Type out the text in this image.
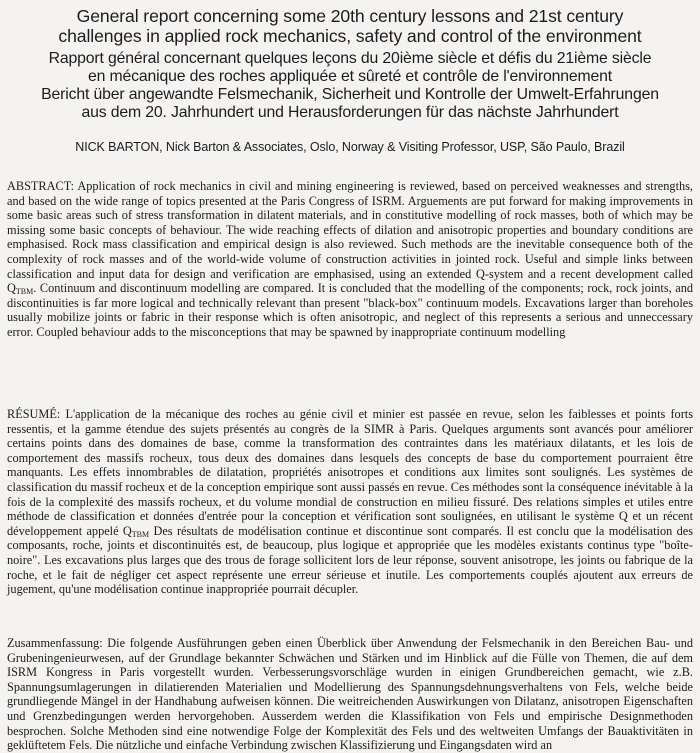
General report concerning some 20th century lessons and 21st century
challenges in applied rock mechanics, safety and control of the environment
Rapport général concernant quelques leçons du 20ième siècle et défis du 21ième siècle
en mécanique des roches appliquée et sûreté et contrôle de l'environnement
Bericht über angewandte Felsmechanik, Sicherheit und Kontrolle der Umwelt-Erfahrungen
aus dem 20. Jahrhundert und Herausforderungen für das nächste Jahrhundert
NICK BARTON, Nick Barton & Associates, Oslo, Norway & Visiting Professor, USP, São Paulo, Brazil

ABSTRACT: Application of rock mechanics in civil and mining engineering is reviewed, based on perceived weaknesses and strengths, and based on the wide range of topics presented at the Paris Congress of ISRM. Arguements are put forward for making improvements in some basic areas such of stress transformation in dilatent materials, and in constitutive modelling of rock masses, both of which may be missing some basic concepts of behaviour. The wide reaching effects of dilation and anisotropic properties and boundary conditions are emphasised. Rock mass classification and empirical design is also reviewed. Such methods are the inevitable consequence both of the complexity of rock masses and of the world-wide volume of construction activities in jointed rock. Useful and simple links between classification and input data for design and verification are emphasised, using an extended Q-system and a recent development called $Q_{TBM}$. Continuum and discontinuum modelling are compared. It is concluded that the modelling of the components; rock, rock joints, and discontinuities is far more logical and technically relevant than present "black-box" continuum models. Excavations larger than boreholes usually mobilize joints or fabric in their response which is often anisotropic, and neglect of this represents a serious and unneccessary error. Coupled behaviour adds to the misconceptions that may be spawned by inappropriate continuum modelling

RÉSUMÉ: L'application de la mécanique des roches au génie civil et minier est passée en revue, selon les faiblesses et points forts ressentis, et la gamme étendue des sujets présentés au congrès de la SIMR à Paris. Quelques arguments sont avancés pour améliorer certains points dans des domaines de base, comme la transformation des contraintes dans les matériaux dilatants, et les lois de comportement des massifs rocheux, tous deux des domaines dans lesquels des concepts de base du comportement pourraient être manquants. Les effets innombrables de dilatation, propriétés anisotropes et conditions aux limites sont soulignés. Les systèmes de classification du massif rocheux et de la conception empirique sont aussi passés en revue. Ces méthodes sont la conséquence inévitable à la fois de la complexité des massifs rocheux, et du volume mondial de construction en milieu fissuré. Des relations simples et utiles entre méthode de classification et données d'entrée pour la conception et vérification sont soulignées, en utilisant le système Q et un récent développement appelé $Q_{TBM}$ Des résultats de modélisation continue et discontinue sont comparés. Il est conclu que la modélisation des composants, roche, joints et discontinuités est, de beaucoup, plus logique et appropriée que les modèles existants continus type "boîte-noire". Les excavations plus larges que des trous de forage sollicitent lors de leur réponse, souvent anisotrope, les joints ou fabrique de la roche, et le fait de négliger cet aspect représente une erreur sérieuse et inutile. Les comportements couplés ajoutent aux erreurs de jugement, qu'une modélisation continue inappropriée pourrait décupler.

Zusammenfassung: Die folgende Ausführungen geben einen Überblick über Anwendung der Felsmechanik in den Bereichen Bau- und Grubeningenieurwesen, auf der Grundlage bekannter Schwächen und Stärken und im Hinblick auf die Fülle von Themen, die auf dem ISRM Kongress in Paris vorgestellt wurden. Verbesserungsvorschläge wurden in einigen Grundbereichen gemacht, wie z.B. Spannungsumlagerungen in dilatierenden Materialien und Modellierung des Spannungsdehnungsverhaltens von Fels, welche beide grundliegende Mängel in der Handhabung aufweisen können. Die weitreichenden Auswirkungen von Dilatanz, anisotropen Eigenschaften und Grenzbedingungen werden hervorgehoben. Ausserdem werden die Klassifikation von Fels und empirische Designmethoden besprochen. Solche Methoden sind eine notwendige Folge der Komplexität des Fels und des weltweiten Umfangs der Bauaktivitäten in geklüftetem Fels. Die nützliche und einfache Verbindung zwischen Klassifizierung und Eingangsdaten wird an
